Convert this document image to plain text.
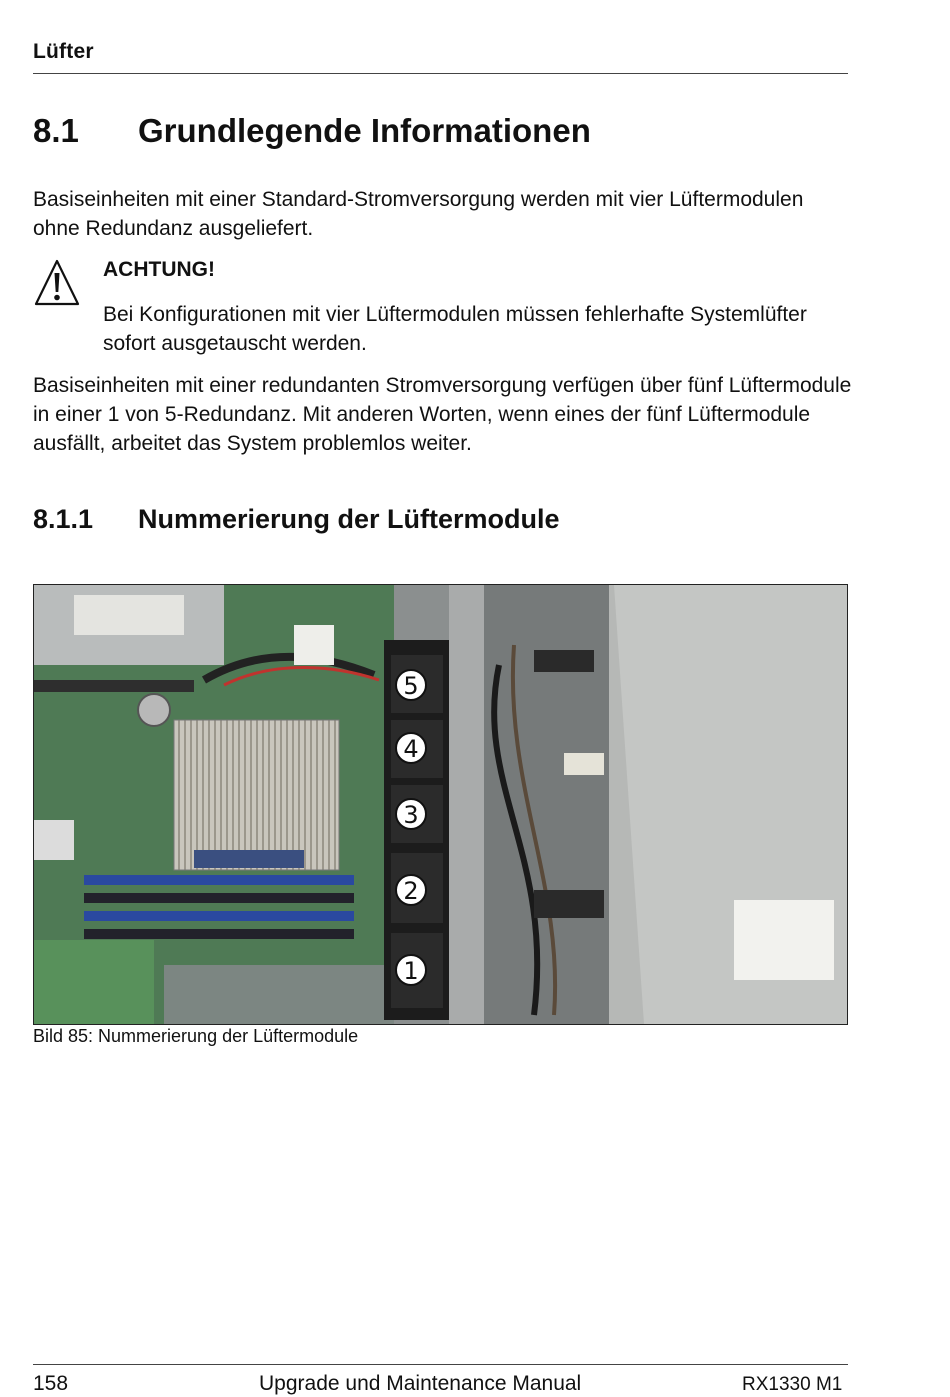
Lüfter
8.1 Grundlegende Informationen

Basiseinheiten mit einer Standard-Stromversorgung werden mit vier Lüftermodulen ohne Redundanz ausgeliefert.

ACHTUNG!

Bei Konfigurationen mit vier Lüftermodulen müssen fehlerhafte Systemlüfter sofort ausgetauscht werden.

Basiseinheiten mit einer redundanten Stromversorgung verfügen über fünf Lüftermodule in einer 1 von 5-Redundanz. Mit anderen Worten, wenn eines der fünf Lüftermodule ausfällt, arbeitet das System problemlos weiter.

8.1.1 Nummerierung der Lüftermodule
5
4
3
2
1
Bild 85: Nummerierung der Lüftermodule
158	Upgrade und Maintenance Manual	RX1330 M1
